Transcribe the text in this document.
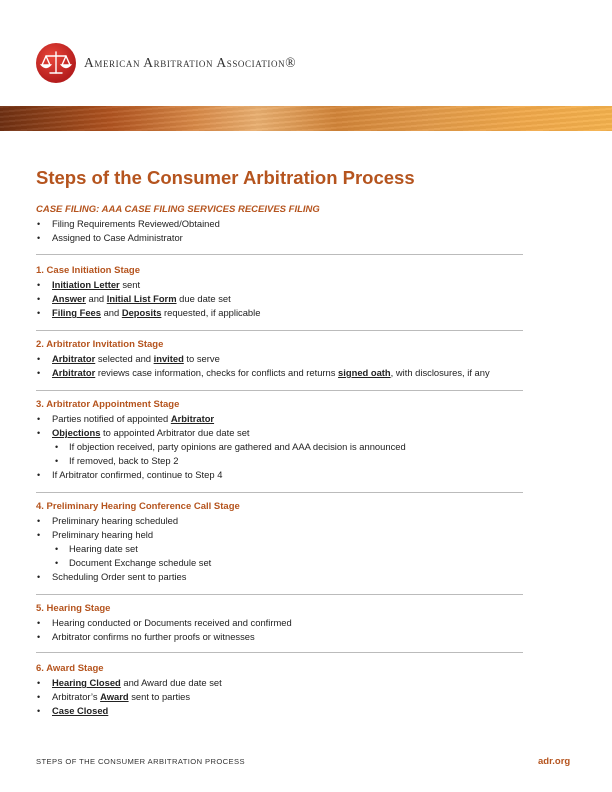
American Arbitration Association®
Steps of the Consumer Arbitration Process
CASE FILING: AAA CASE FILING SERVICES RECEIVES FILING
• Filing Requirements Reviewed/Obtained
• Assigned to Case Administrator
1. Case Initiation Stage
• Initiation Letter sent
• Answer and Initial List Form due date set
• Filing Fees and Deposits requested, if applicable
2. Arbitrator Invitation Stage
• Arbitrator selected and invited to serve
• Arbitrator reviews case information, checks for conflicts and returns signed oath, with disclosures, if any
3. Arbitrator Appointment Stage
• Parties notified of appointed Arbitrator
• Objections to appointed Arbitrator due date set
• If objection received, party opinions are gathered and AAA decision is announced
• If removed, back to Step 2
• If Arbitrator confirmed, continue to Step 4
4. Preliminary Hearing Conference Call Stage
• Preliminary hearing scheduled
• Preliminary hearing held
• Hearing date set
• Document Exchange schedule set
• Scheduling Order sent to parties
5. Hearing Stage
• Hearing conducted or Documents received and confirmed
• Arbitrator confirms no further proofs or witnesses
6. Award Stage
• Hearing Closed and Award due date set
• Arbitrator’s Award sent to parties
• Case Closed
STEPS OF THE CONSUMER ARBITRATION PROCESS	adr.org
